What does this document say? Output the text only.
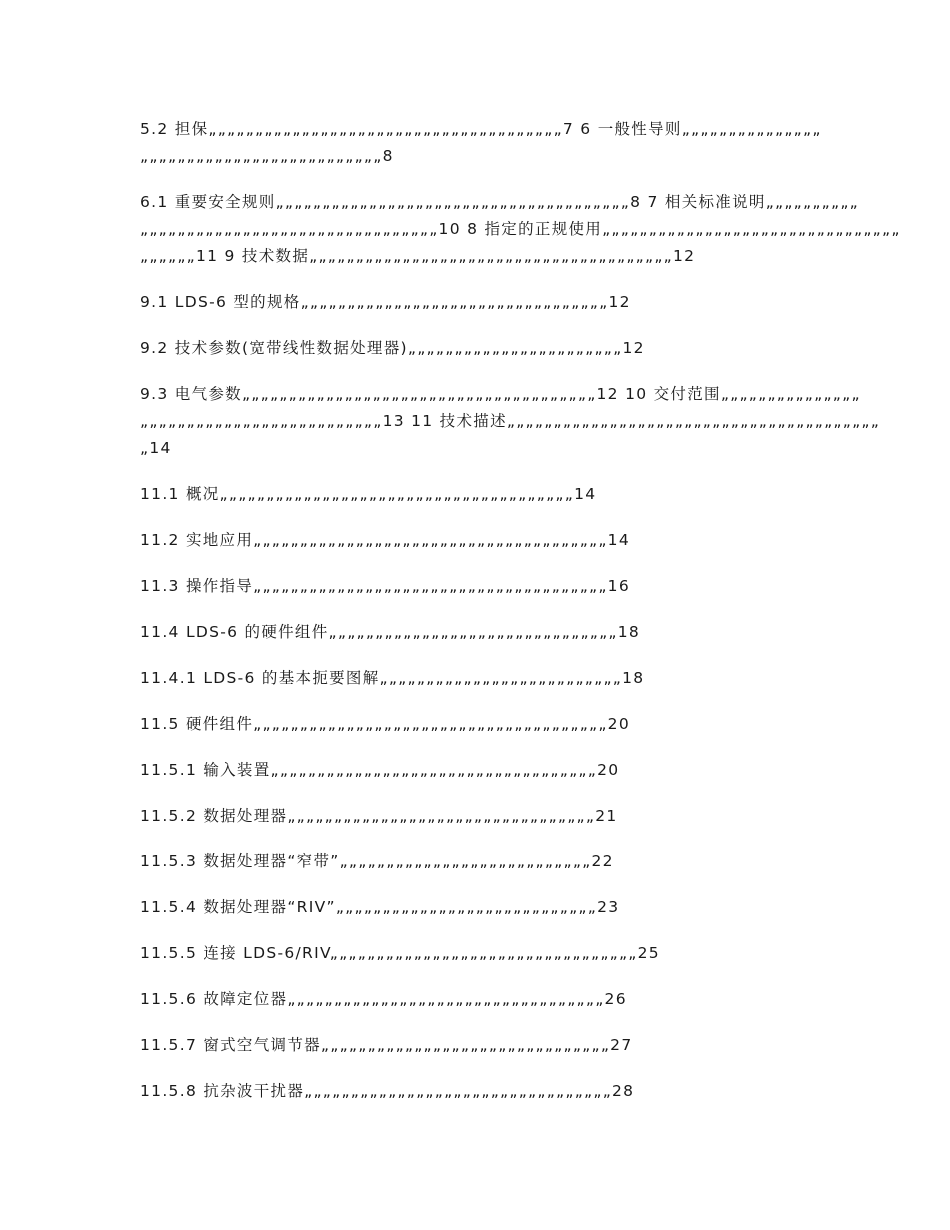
5.2 担保„„„„„„„„„„„„„„„„„„„„„„„„„„„„„„„„„„„„„„7 6 一般性导则„„„„„„„„„„„„„„„

„„„„„„„„„„„„„„„„„„„„„„„„„„8

6.1 重要安全规则„„„„„„„„„„„„„„„„„„„„„„„„„„„„„„„„„„„„„„8 7 相关标准说明„„„„„„„„„„

„„„„„„„„„„„„„„„„„„„„„„„„„„„„„„„„10 8 指定的正规使用„„„„„„„„„„„„„„„„„„„„„„„„„„„„„„„„

„„„„„„11 9 技术数据„„„„„„„„„„„„„„„„„„„„„„„„„„„„„„„„„„„„„„„12

9.1 LDS-6 型的规格„„„„„„„„„„„„„„„„„„„„„„„„„„„„„„„„„12

9.2 技术参数(宽带线性数据处理器)„„„„„„„„„„„„„„„„„„„„„„„12

9.3 电气参数„„„„„„„„„„„„„„„„„„„„„„„„„„„„„„„„„„„„„„12 10 交付范围„„„„„„„„„„„„„„„

„„„„„„„„„„„„„„„„„„„„„„„„„„13 11 技术描述„„„„„„„„„„„„„„„„„„„„„„„„„„„„„„„„„„„„„„„„

„14

11.1 概况„„„„„„„„„„„„„„„„„„„„„„„„„„„„„„„„„„„„„„14

11.2 实地应用„„„„„„„„„„„„„„„„„„„„„„„„„„„„„„„„„„„„„„14

11.3 操作指导„„„„„„„„„„„„„„„„„„„„„„„„„„„„„„„„„„„„„„16

11.4 LDS-6 的硬件组件„„„„„„„„„„„„„„„„„„„„„„„„„„„„„„„18

11.4.1 LDS-6 的基本扼要图解„„„„„„„„„„„„„„„„„„„„„„„„„„18

11.5 硬件组件„„„„„„„„„„„„„„„„„„„„„„„„„„„„„„„„„„„„„„20

11.5.1 输入装置„„„„„„„„„„„„„„„„„„„„„„„„„„„„„„„„„„„20

11.5.2 数据处理器„„„„„„„„„„„„„„„„„„„„„„„„„„„„„„„„„21

11.5.3 数据处理器“窄带”„„„„„„„„„„„„„„„„„„„„„„„„„„„22

11.5.4 数据处理器“RIV”„„„„„„„„„„„„„„„„„„„„„„„„„„„„23

11.5.5 连接 LDS-6/RIV„„„„„„„„„„„„„„„„„„„„„„„„„„„„„„„„„25

11.5.6 故障定位器„„„„„„„„„„„„„„„„„„„„„„„„„„„„„„„„„„26

11.5.7 窗式空气调节器„„„„„„„„„„„„„„„„„„„„„„„„„„„„„„„27

11.5.8 抗杂波干扰器„„„„„„„„„„„„„„„„„„„„„„„„„„„„„„„„„28
